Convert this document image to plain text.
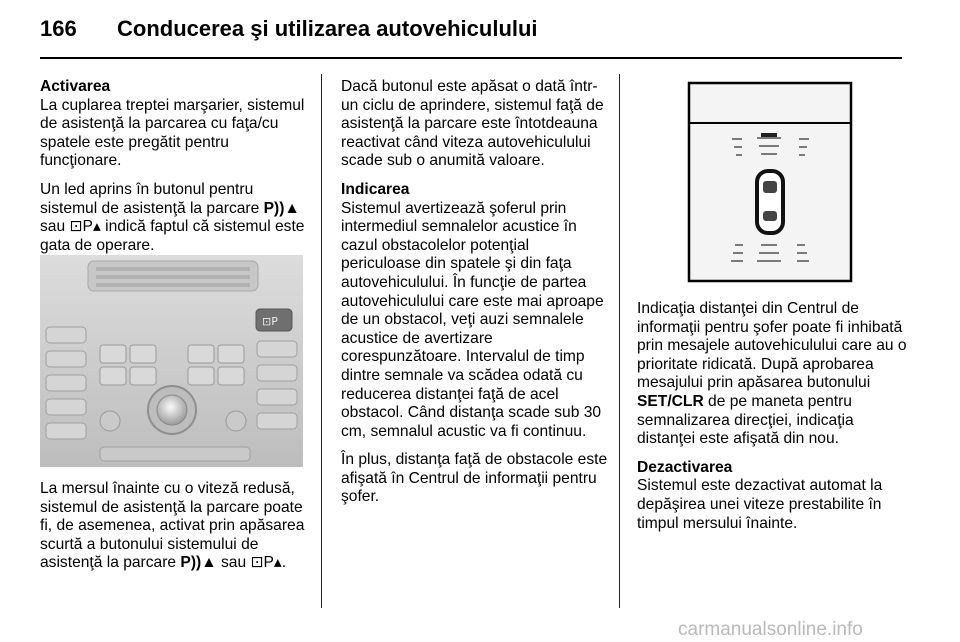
166 Conducerea şi utilizarea autovehiculului
Activarea

La cuplarea treptei marşarier, sistemul de asistenţă la parcarea cu faţa/cu spatele este pregătit pentru funcţionare.

Un led aprins în butonul pentru sistemul de asistenţă la parcare P))▲ sau ⊡P▴ indică faptul că sistemul este gata de operare.

⊡P

La mersul înainte cu o viteză redusă, sistemul de asistenţă la parcare poate fi, de asemenea, activat prin apăsarea scurtă a butonului sistemului de asistenţă la parcare P))▲ sau ⊡P▴.

Dacă butonul este apăsat o dată într-un ciclu de aprindere, sistemul faţă de asistenţă la parcare este întotdeauna reactivat când viteza autovehiculului scade sub o anumită valoare.

Indicarea

Sistemul avertizează şoferul prin intermediul semnalelor acustice în cazul obstacolelor potenţial periculoase din spatele şi din faţa autovehiculului. În funcţie de partea autovehiculului care este mai aproape de un obstacol, veţi auzi semnalele acustice de avertizare corespunzătoare. Intervalul de timp dintre semnale va scădea odată cu reducerea distanţei faţă de acel obstacol. Când distanţa scade sub 30 cm, semnalul acustic va fi continuu.

În plus, distanţa faţă de obstacole este afişată în Centrul de informaţii pentru şofer.

Indicaţia distanţei din Centrul de informaţii pentru şofer poate fi inhibată prin mesajele autovehiculului care au o prioritate ridicată. După aprobarea mesajului prin apăsarea butonului SET/CLR de pe maneta pentru semnalizarea direcţiei, indicaţia distanţei este afişată din nou.

Dezactivarea

Sistemul este dezactivat automat la depăşirea unei viteze prestabilite în timpul mersului înainte.

carmanualsonline.info
